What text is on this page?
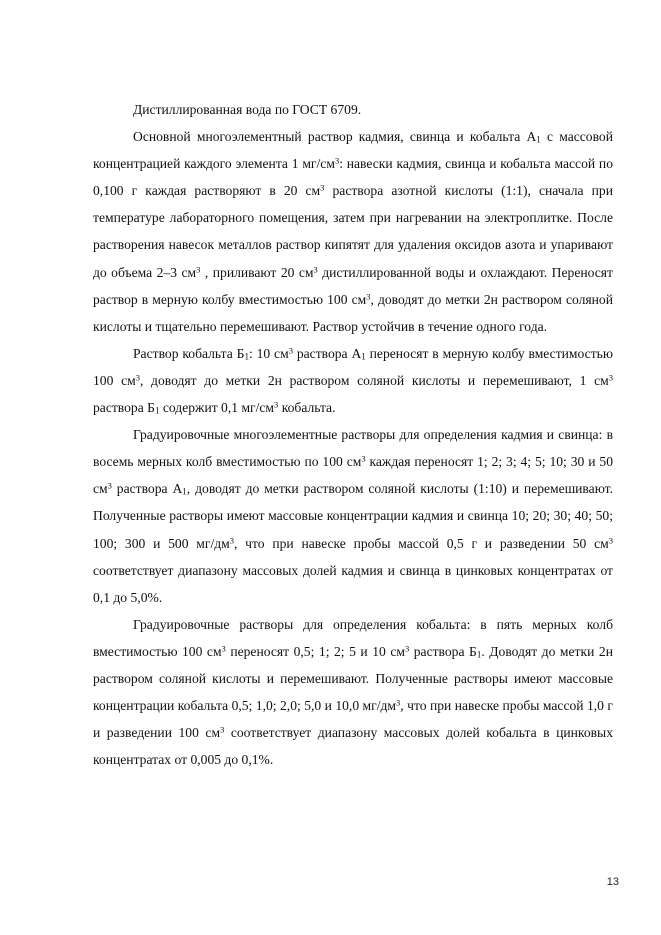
Дистиллированная вода по ГОСТ 6709.

Основной многоэлементный раствор кадмия, свинца и кобальта $А_1$ с массовой концентрацией каждого элемента 1 $мг/см^3$: навески кадмия, свинца и кобальта массой по 0,100 г каждая растворяют в 20 $см^3$ раствора азотной кислоты (1:1), сначала при температуре лабораторного помещения, затем при нагревании на электроплитке. После растворения навесок металлов раствор кипятят для удаления оксидов азота и упаривают до объема 2–3 $см^3$ , приливают 20 $см^3$ дистиллированной воды и охлаждают. Переносят раствор в мерную колбу вместимостью 100 $см^3$, доводят до метки 2н раствором соляной кислоты и тщательно перемешивают. Раствор устойчив в течение одного года.

Раствор кобальта $Б_1$: 10 $см^3$ раствора $А_1$ переносят в мерную колбу вместимостью 100 $см^3$, доводят до метки 2н раствором соляной кислоты и перемешивают, 1 $см^3$ раствора $Б_1$ содержит 0,1 $мг/см^3$ кобальта.

Градуировочные многоэлементные растворы для определения кадмия и свинца: в восемь мерных колб вместимостью по 100 $см^3$ каждая переносят 1; 2; 3; 4; 5; 10; 30 и 50 $см^3$ раствора $А_1$, доводят до метки раствором соляной кислоты (1:10) и перемешивают. Полученные растворы имеют массовые концентрации кадмия и свинца 10; 20; 30; 40; 50; 100; 300 и 500 $мг/дм^3$, что при навеске пробы массой 0,5 г и разведении 50 $см^3$ соответствует диапазону массовых долей кадмия и свинца в цинковых концентратах от 0,1 до 5,0%.

Градуировочные растворы для определения кобальта: в пять мерных колб вместимостью 100 $см^3$ переносят 0,5; 1; 2; 5 и 10 $см^3$ раствора $Б_1$. Доводят до метки 2н раствором соляной кислоты и перемешивают. Полученные растворы имеют массовые концентрации кобальта 0,5; 1,0; 2,0; 5,0 и 10,0 $мг/дм^3$, что при навеске пробы массой 1,0 г и разведении 100 $см^3$ соответствует диапазону массовых долей кобальта в цинковых концентратах от 0,005 до 0,1%.

13
